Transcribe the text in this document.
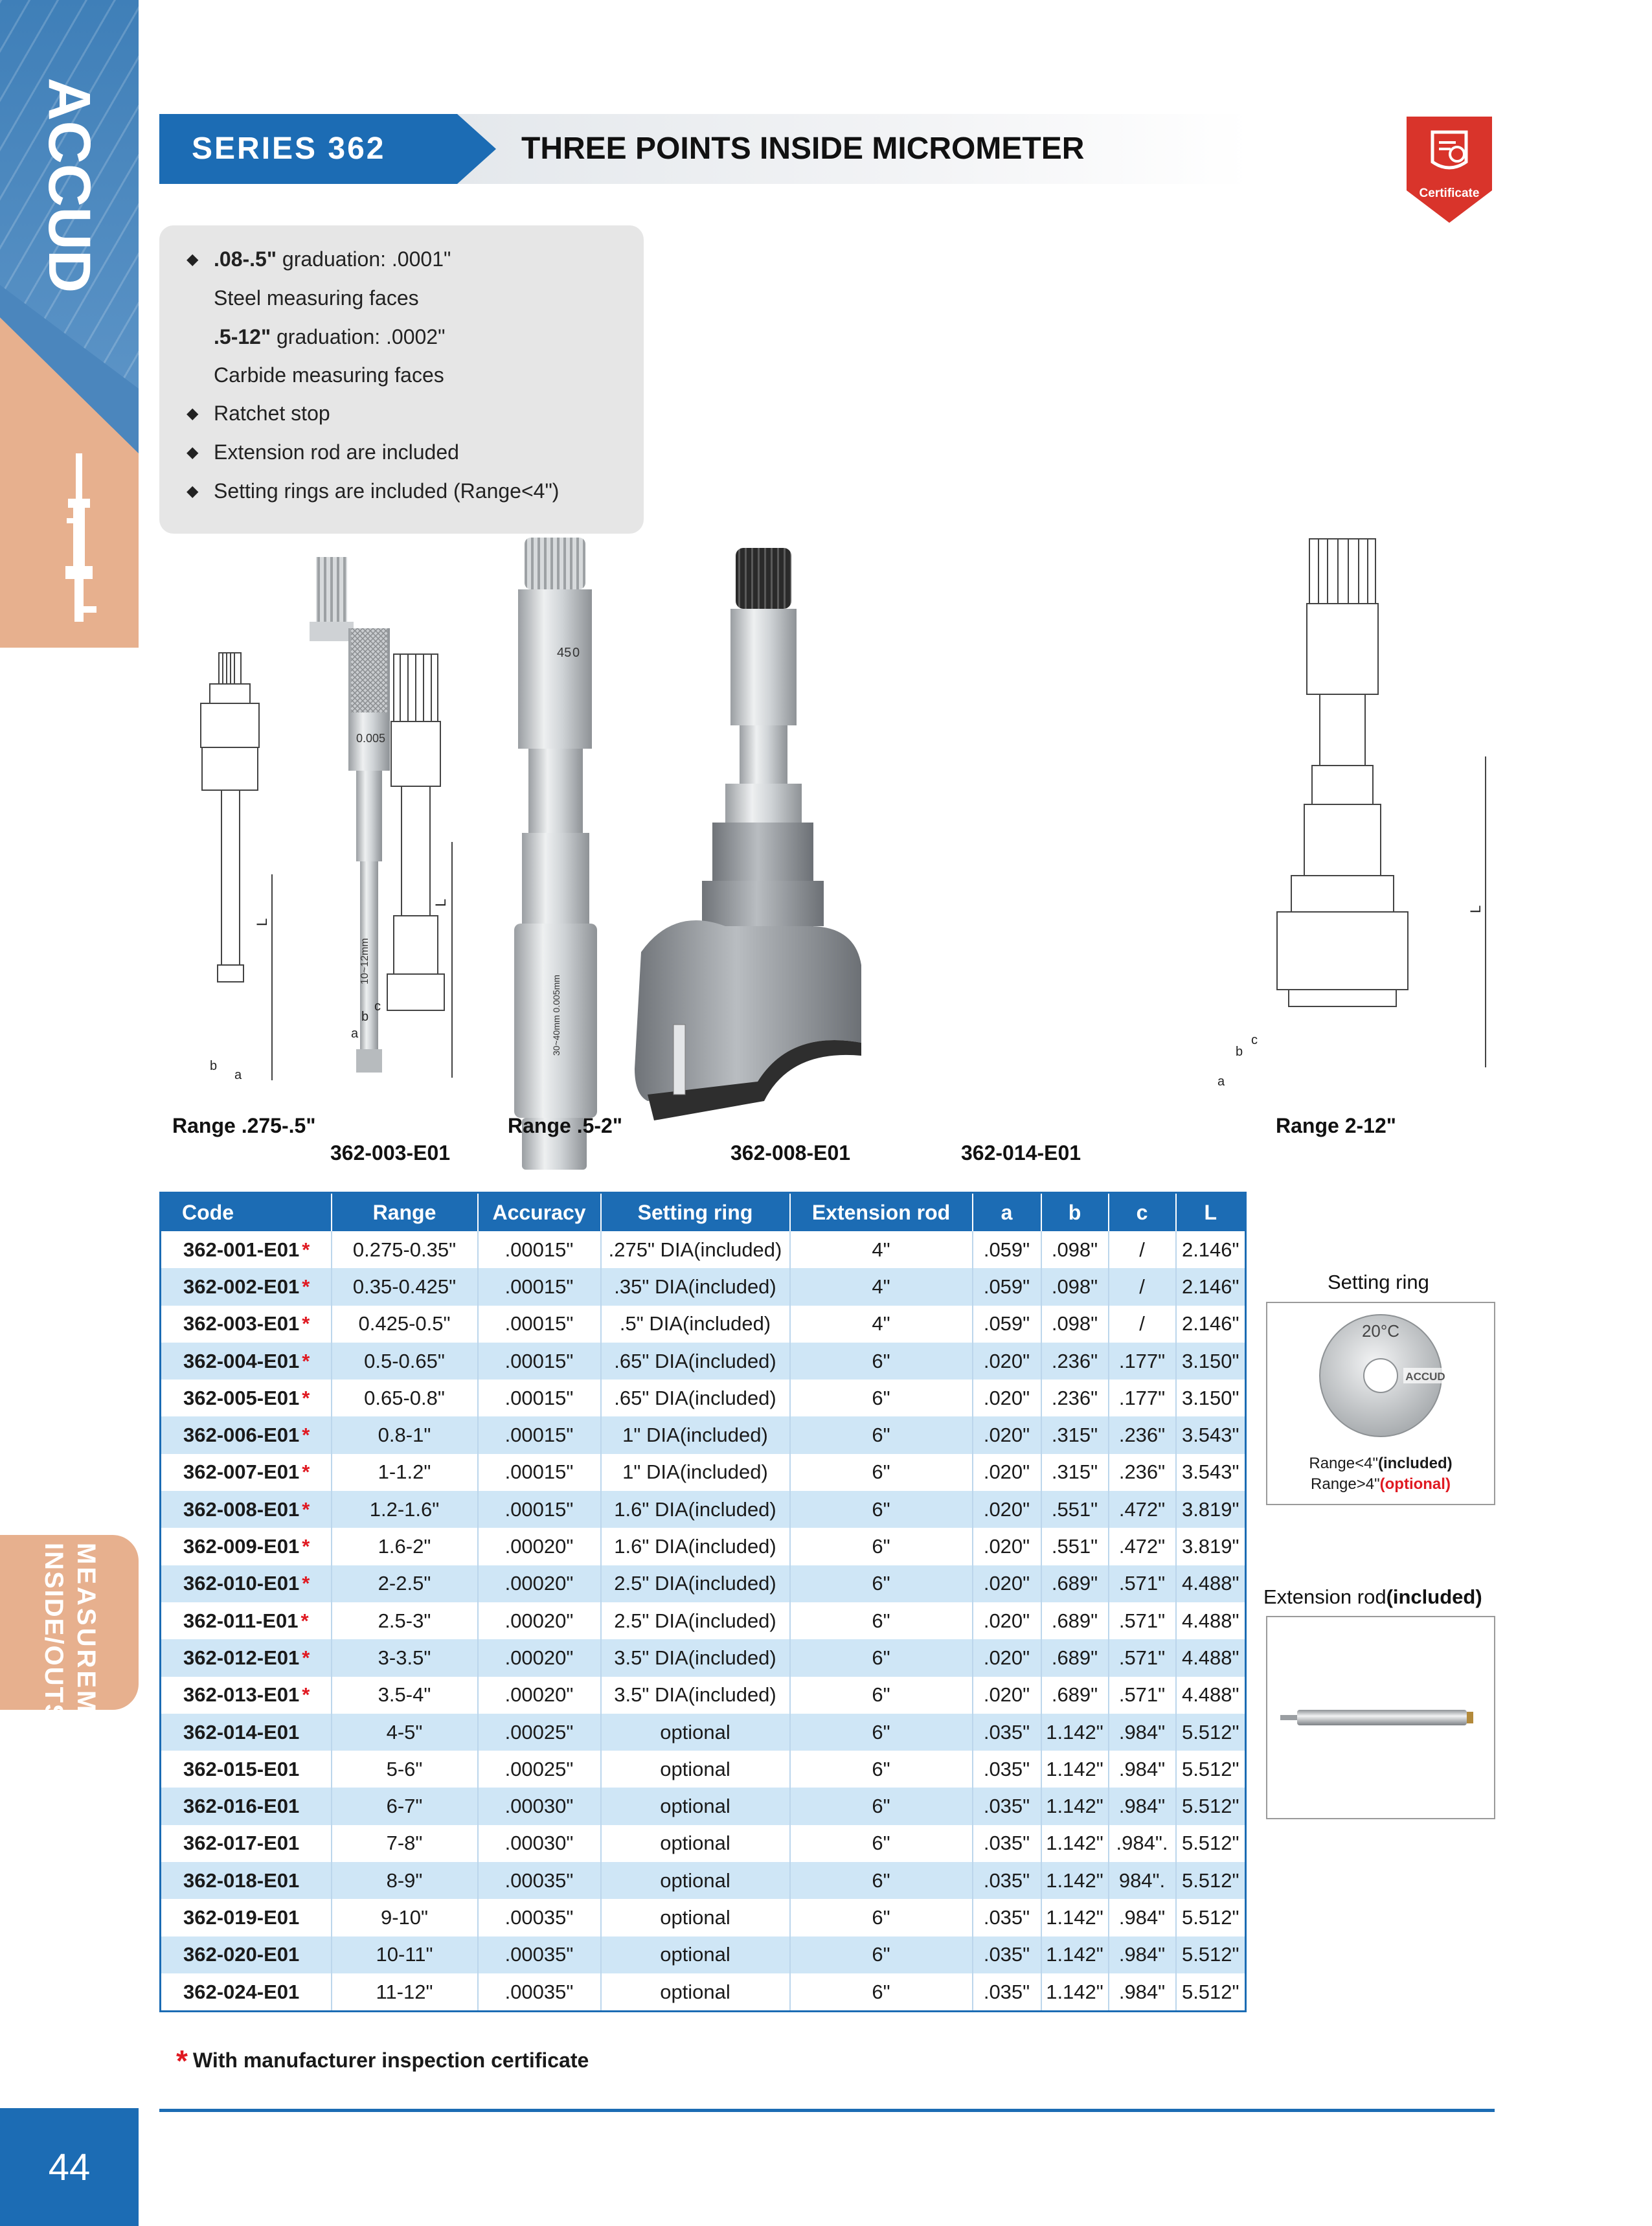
ACCUD
INSIDE/OUTSIDE MEASUREMENT
44
SERIES 362	THREE POINTS INSIDE MICROMETER
Certificate
◆ .08-.5" graduation: .0001"
Steel measuring faces
.5-12" graduation: .0002"
Carbide measuring faces
◆ Ratchet stop
◆ Extension rod are included
◆ Setting rings are included (Range<4")
L
b
a
10~12mm
0.005
L
c
b
a
45 0
30~40mm 0.005mm
L
c
b
a
Range .275-.5"	Range .5-2"	Range 2-12"
362-003-E01	362-008-E01	362-014-E01
Code	Range	Accuracy	Setting ring	Extension rod	a	b	c	L
362-001-E01 *	0.275-0.35"	.00015"	.275" DIA(included)	4"	.059"	.098"	/	2.146"
362-002-E01 *	0.35-0.425"	.00015"	.35" DIA(included)	4"	.059"	.098"	/	2.146"
362-003-E01 *	0.425-0.5"	.00015"	.5" DIA(included)	4"	.059"	.098"	/	2.146"
362-004-E01 *	0.5-0.65"	.00015"	.65" DIA(included)	6"	.020"	.236"	.177"	3.150"
362-005-E01 *	0.65-0.8"	.00015"	.65" DIA(included)	6"	.020"	.236"	.177"	3.150"
362-006-E01 *	0.8-1"	.00015"	1" DIA(included)	6"	.020"	.315"	.236"	3.543"
362-007-E01 *	1-1.2"	.00015"	1" DIA(included)	6"	.020"	.315"	.236"	3.543"
362-008-E01 *	1.2-1.6"	.00015"	1.6" DIA(included)	6"	.020"	.551"	.472"	3.819"
362-009-E01 *	1.6-2"	.00020"	1.6" DIA(included)	6"	.020"	.551"	.472"	3.819"
362-010-E01 *	2-2.5"	.00020"	2.5" DIA(included)	6"	.020"	.689"	.571"	4.488"
362-011-E01 *	2.5-3"	.00020"	2.5" DIA(included)	6"	.020"	.689"	.571"	4.488"
362-012-E01 *	3-3.5"	.00020"	3.5" DIA(included)	6"	.020"	.689"	.571"	4.488"
362-013-E01 *	3.5-4"	.00020"	3.5" DIA(included)	6"	.020"	.689"	.571"	4.488"
362-014-E01	4-5"	.00025"	optional	6"	.035"	1.142"	.984"	5.512"
362-015-E01	5-6"	.00025"	optional	6"	.035"	1.142"	.984"	5.512"
362-016-E01	6-7"	.00030"	optional	6"	.035"	1.142"	.984"	5.512"
362-017-E01	7-8"	.00030"	optional	6"	.035"	1.142"	.984".	5.512"
362-018-E01	8-9"	.00035"	optional	6"	.035"	1.142"	984".	5.512"
362-019-E01	9-10"	.00035"	optional	6"	.035"	1.142"	.984"	5.512"
362-020-E01	10-11"	.00035"	optional	6"	.035"	1.142"	.984"	5.512"
362-024-E01	11-12"	.00035"	optional	6"	.035"	1.142"	.984"	5.512"
Setting ring
20°C
ACCUD
Range<4"(included)
Range>4"(optional)
Extension rod(included)
* With manufacturer inspection certificate
